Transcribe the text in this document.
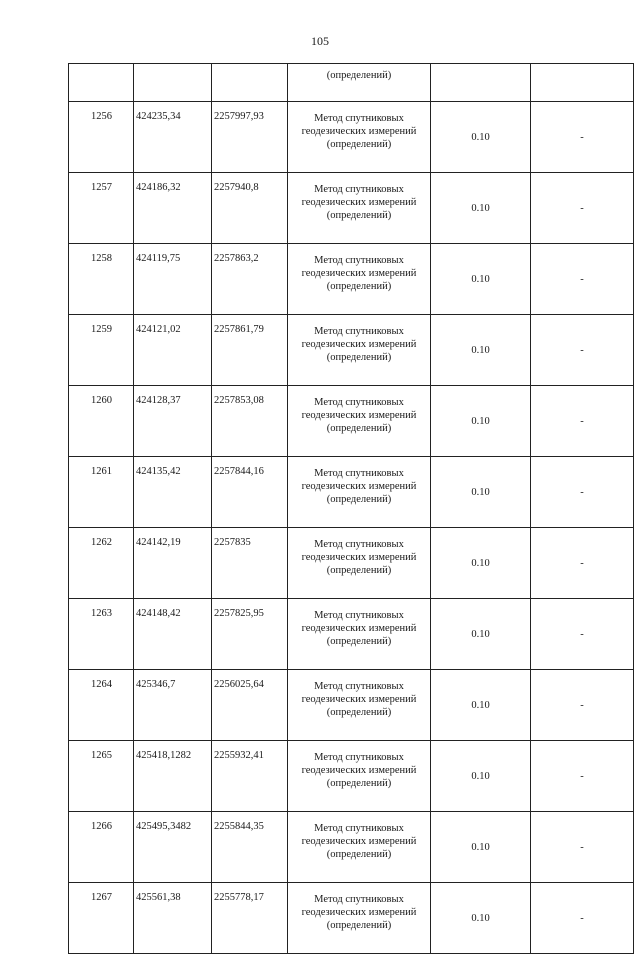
105

			(определений)		

1256	424235,34	2257997,93	Метод спутниковых
геодезических измерений
(определений)	0.10	-
1257	424186,32	2257940,8	Метод спутниковых
геодезических измерений
(определений)	0.10	-
1258	424119,75	2257863,2	Метод спутниковых
геодезических измерений
(определений)	0.10	-
1259	424121,02	2257861,79	Метод спутниковых
геодезических измерений
(определений)	0.10	-
1260	424128,37	2257853,08	Метод спутниковых
геодезических измерений
(определений)	0.10	-
1261	424135,42	2257844,16	Метод спутниковых
геодезических измерений
(определений)	0.10	-
1262	424142,19	2257835	Метод спутниковых
геодезических измерений
(определений)	0.10	-
1263	424148,42	2257825,95	Метод спутниковых
геодезических измерений
(определений)	0.10	-
1264	425346,7	2256025,64	Метод спутниковых
геодезических измерений
(определений)	0.10	-
1265	425418,1282	2255932,41	Метод спутниковых
геодезических измерений
(определений)	0.10	-
1266	425495,3482	2255844,35	Метод спутниковых
геодезических измерений
(определений)	0.10	-
1267	425561,38	2255778,17	Метод спутниковых
геодезических измерений
(определений)	0.10	-
